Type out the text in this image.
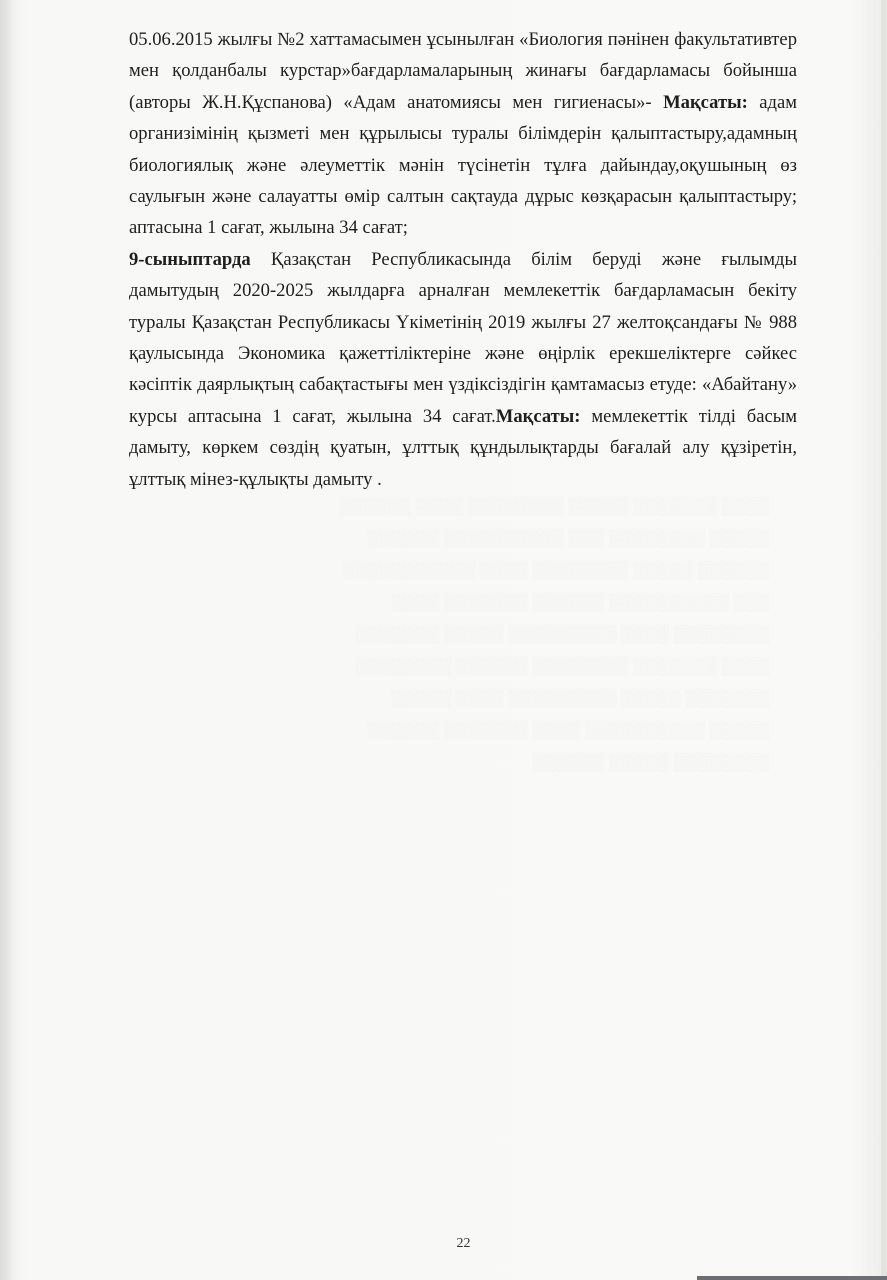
░░░░ ░░░░░░░ ░░░░░ ░░░░░░░░ ░░░░ ░░░░░░
░░░░░ ░░░░░░░░ ░░░ ░░░░░░░░░░ ░░░░░░
░░░░░░ ░░░░░ ░░░░░░░░ ░░░░ ░░░░░░░░░░░
░░░ ░░░░░░░░░░ ░░░░░░ ░░░░░░░ ░░░░
░░░░░░░░ ░░░░ ░░░░░░░░░ ░░░░░ ░░░░░░░
░░░░ ░░░░░░░ ░░░░░░░░ ░░░░░░ ░░░░░░░░
░░░░░░░ ░░░░░ ░░░░░░░░░ ░░░░ ░░░░░
░░░░░ ░░░░░░░░░░ ░░░░ ░░░░░░░ ░░░░░░
░░░░░░░░ ░░░░░ ░░░░░░

05.06.2015 жылғы №2 хаттамасымен ұсынылған «Биология пәнінен факультативтер мен қолданбалы курстар»бағдарламаларының жинағы бағдарламасы бойынша (авторы Ж.Н.Құспанова) «Адам анатомиясы мен гигиенасы»- Мақсаты: адам организімінің қызметі мен құрылысы туралы білімдерін қалыптастыру,адамның биологиялық және әлеуметтік мәнін түсінетін тұлға дайындау,оқушының өз саулығын және салауатты өмір салтын сақтауда дұрыс көзқарасын қалыптастыру; аптасына 1 сағат, жылына 34 сағат;

9-сыныптарда Қазақстан Республикасында білім беруді және ғылымды дамытудың 2020-2025 жылдарға арналған мемлекеттік бағдарламасын бекіту туралы Қазақстан Республикасы Үкіметінің 2019 жылғы 27 желтоқсандағы № 988 қаулысында Экономика қажеттіліктеріне және өңірлік ерекшеліктерге сәйкес кәсіптік даярлықтың сабақтастығы мен үздіксіздігін қамтамасыз етуде: «Абайтану» курсы аптасына 1 сағат, жылына 34 сағат.Мақсаты: мемлекеттік тілді басым дамыту, көркем сөздің қуатын, ұлттық құндылықтарды бағалай алу құзіретін, ұлттық мінез-құлықты дамыту .

22
